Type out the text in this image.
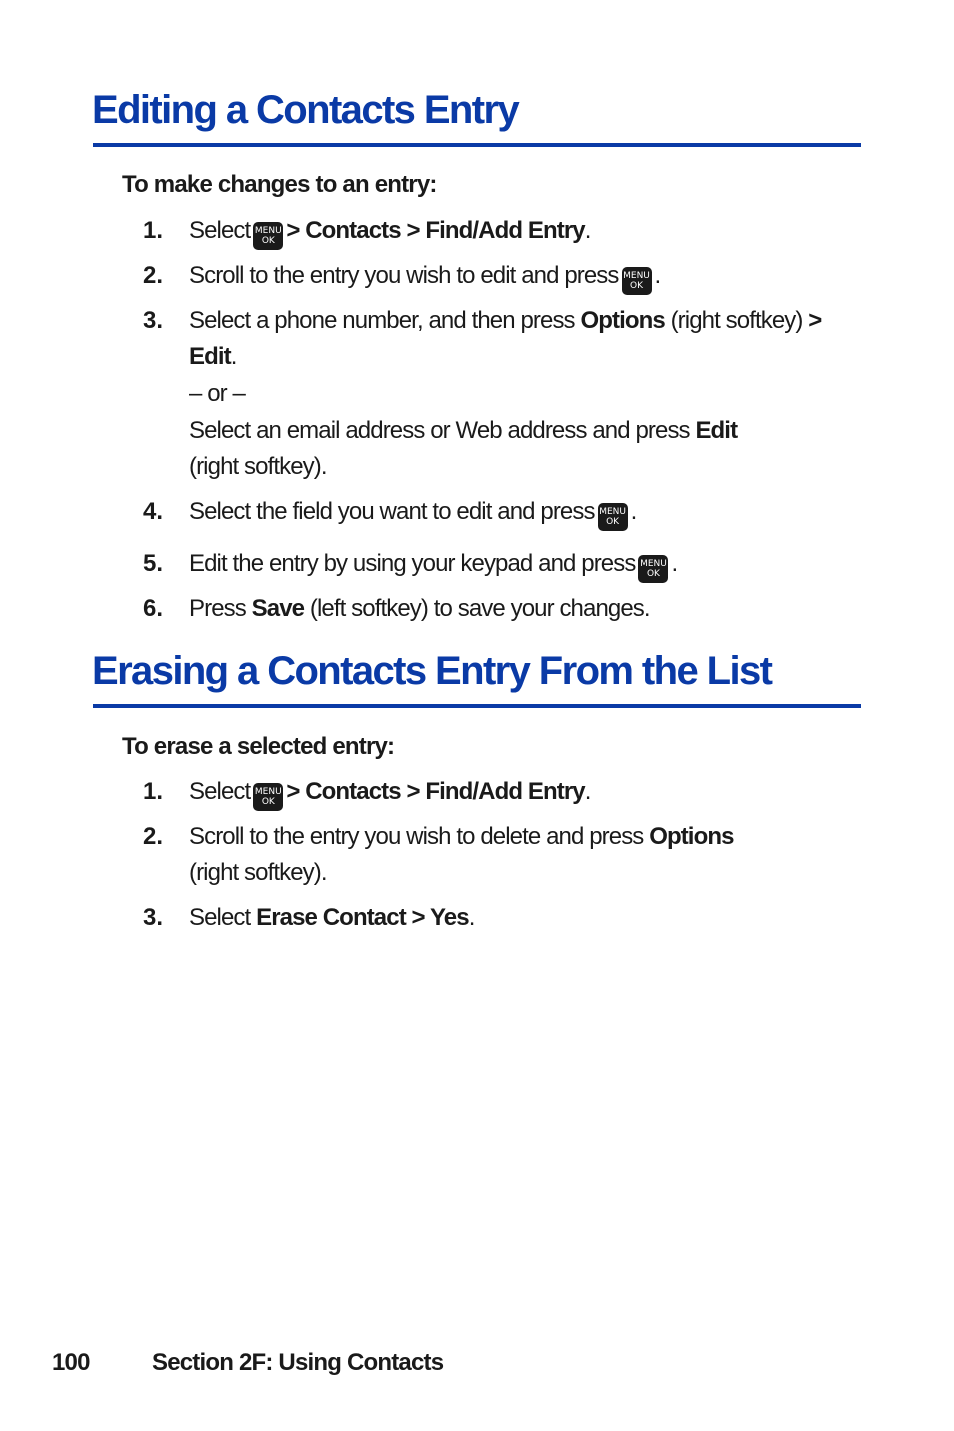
Editing a Contacts Entry
To make changes to an entry:
1. Select MENU
OK > Contacts > Find/Add Entry.
2. Scroll to the entry you wish to edit and press MENU
OK .
3. Select a phone number, and then press Options (right softkey) >
Edit.
– or –
Select an email address or Web address and press Edit
(right softkey).
4. Select the field you want to edit and press MENU
OK .
5. Edit the entry by using your keypad and press MENU
OK .
6. Press Save (left softkey) to save your changes.
Erasing a Contacts Entry From the List
To erase a selected entry:
1. Select MENU
OK > Contacts > Find/Add Entry.
2. Scroll to the entry you wish to delete and press Options
(right softkey).
3. Select Erase Contact > Yes.
100	Section 2F: Using Contacts
